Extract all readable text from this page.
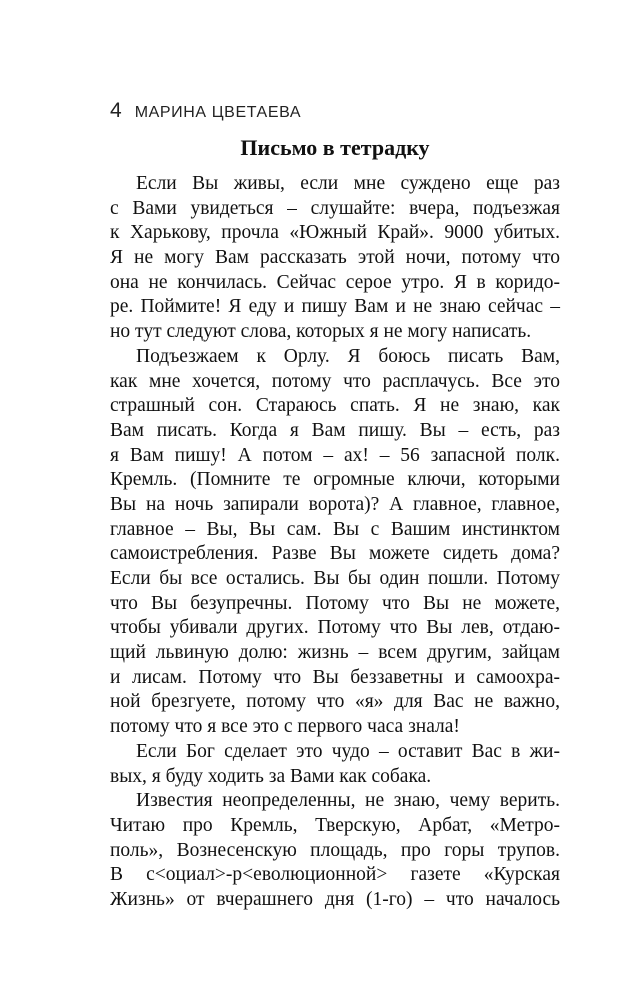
4 МАРИНА ЦВЕТАЕВА
Письмо в тетрадку
Если Вы живы, если мне суждено еще раз
с Вами увидеться – слушайте: вчера, подъезжая
к Харькову, прочла «Южный Край». 9000 убитых.
Я не могу Вам рассказать этой ночи, потому что
она не кончилась. Сейчас серое утро. Я в коридо-
ре. Поймите! Я еду и пишу Вам и не знаю сейчас –
но тут следуют слова, которых я не могу написать.
Подъезжаем к Орлу. Я боюсь писать Вам,
как мне хочется, потому что расплачусь. Все это
страшный сон. Стараюсь спать. Я не знаю, как
Вам писать. Когда я Вам пишу. Вы – есть, раз
я Вам пишу! А потом – ах! – 56 запасной полк.
Кремль. (Помните те огромные ключи, которыми
Вы на ночь запирали ворота)? А главное, главное,
главное – Вы, Вы сам. Вы с Вашим инстинктом
самоистребления. Разве Вы можете сидеть дома?
Если бы все остались. Вы бы один пошли. Потому
что Вы безупречны. Потому что Вы не можете,
чтобы убивали других. Потому что Вы лев, отдаю-
щий львиную долю: жизнь – всем другим, зайцам
и лисам. Потому что Вы беззаветны и самоохра-
ной брезгуете, потому что «я» для Вас не важно,
потому что я все это с первого часа знала!
Если Бог сделает это чудо – оставит Вас в жи-
вых, я буду ходить за Вами как собака.
Известия неопределенны, не знаю, чему верить.
Читаю про Кремль, Тверскую, Арбат, «Метро-
поль», Вознесенскую площадь, про горы трупов.
В с<оциал>-р<еволюционной> газете «Курская
Жизнь» от вчерашнего дня (1-го) – что началось
